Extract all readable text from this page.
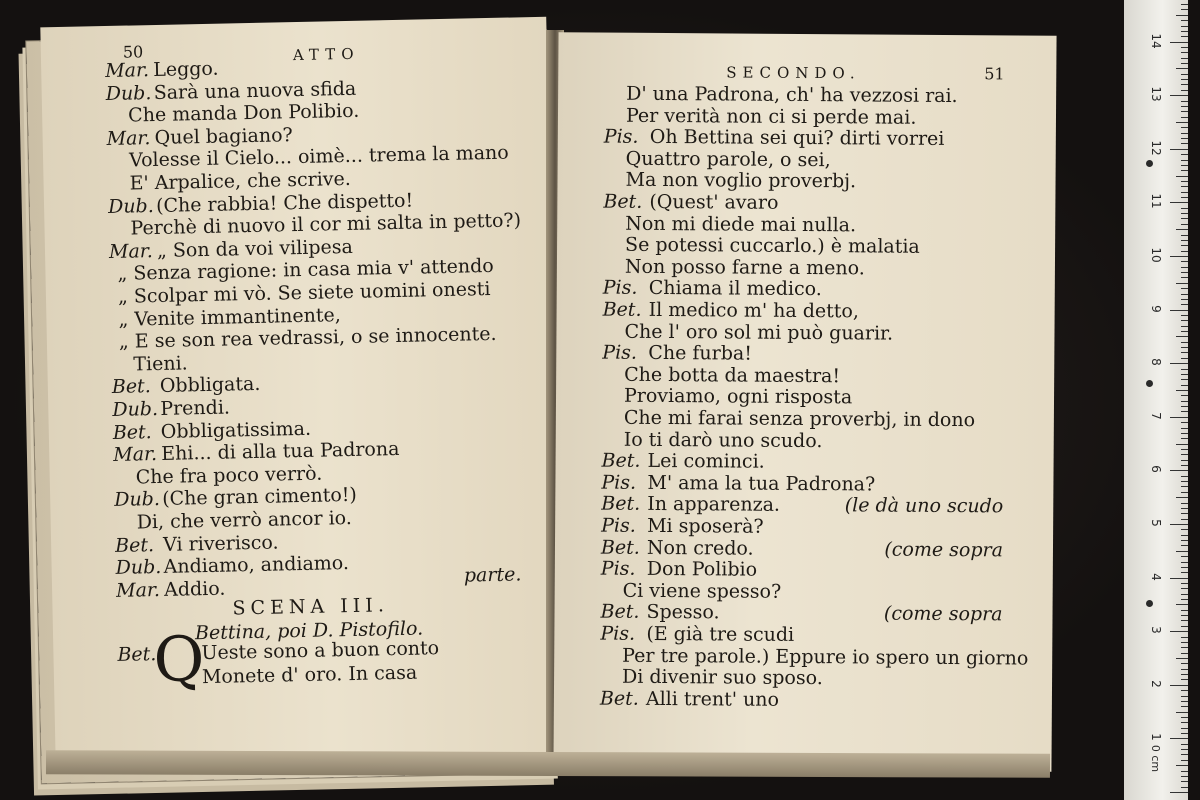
50	ATTO
Mar. Leggo.
Dub. Sarà una nuova sfida
Che manda Don Polibio.
Mar. Quel bagiano?
Volesse il Cielo... oimè... trema la mano
E' Arpalice, che scrive.
Dub. (Che rabbia! Che dispetto!
Perchè di nuovo il cor mi salta in petto?)
Mar. „ Son da voi vilipesa
„ Senza ragione: in casa mia v' attendo
„ Scolpar mi vò. Se siete uomini onesti
„ Venite immantinente,
„ E se son rea vedrassi, o se innocente.
Tieni.
Bet. Obbligata.
Dub. Prendi.
Bet. Obbligatissima.
Mar. Ehi... di alla tua Padrona
Che fra poco verrò.
Dub. (Che gran cimento!)
Di, che verrò ancor io.
Bet. Vi riverisco.
Dub. Andiamo, andiamo.
Mar. Addio.
parte.
SCENA III.
Bettina, poi D. Pistofilo.
Bet.
Q
Ueste sono a buon conto
Monete d' oro. In casa
SECONDO.	51
D' una Padrona, ch' ha vezzosi rai.
Per verità non ci si perde mai.
Pis. Oh Bettina sei qui? dirti vorrei
Quattro parole, o sei,
Ma non voglio proverbj.
Bet. (Quest' avaro
Non mi diede mai nulla.
Se potessi cuccarlo.) è malatia
Non posso farne a meno.
Pis. Chiama il medico.
Bet. Il medico m' ha detto,
Che l' oro sol mi può guarir.
Pis. Che furba!
Che botta da maestra!
Proviamo, ogni risposta
Che mi farai senza proverbj, in dono
Io ti darò uno scudo.
Bet. Lei cominci.
Pis. M' ama la tua Padrona?
Bet. In apparenza.	(le dà uno scudo
Pis. Mi sposerà?
Bet. Non credo.	(come sopra
Pis. Don Polibio
Ci viene spesso?
Bet. Spesso.	(come sopra
Pis. (E già tre scudi
Per tre parole.) Eppure io spero un giorno
Di divenir suo sposo.
Bet. Alli trent' uno
0 cm
1
2
3
4
5
6
7
8
9
10
11
12
13
14
